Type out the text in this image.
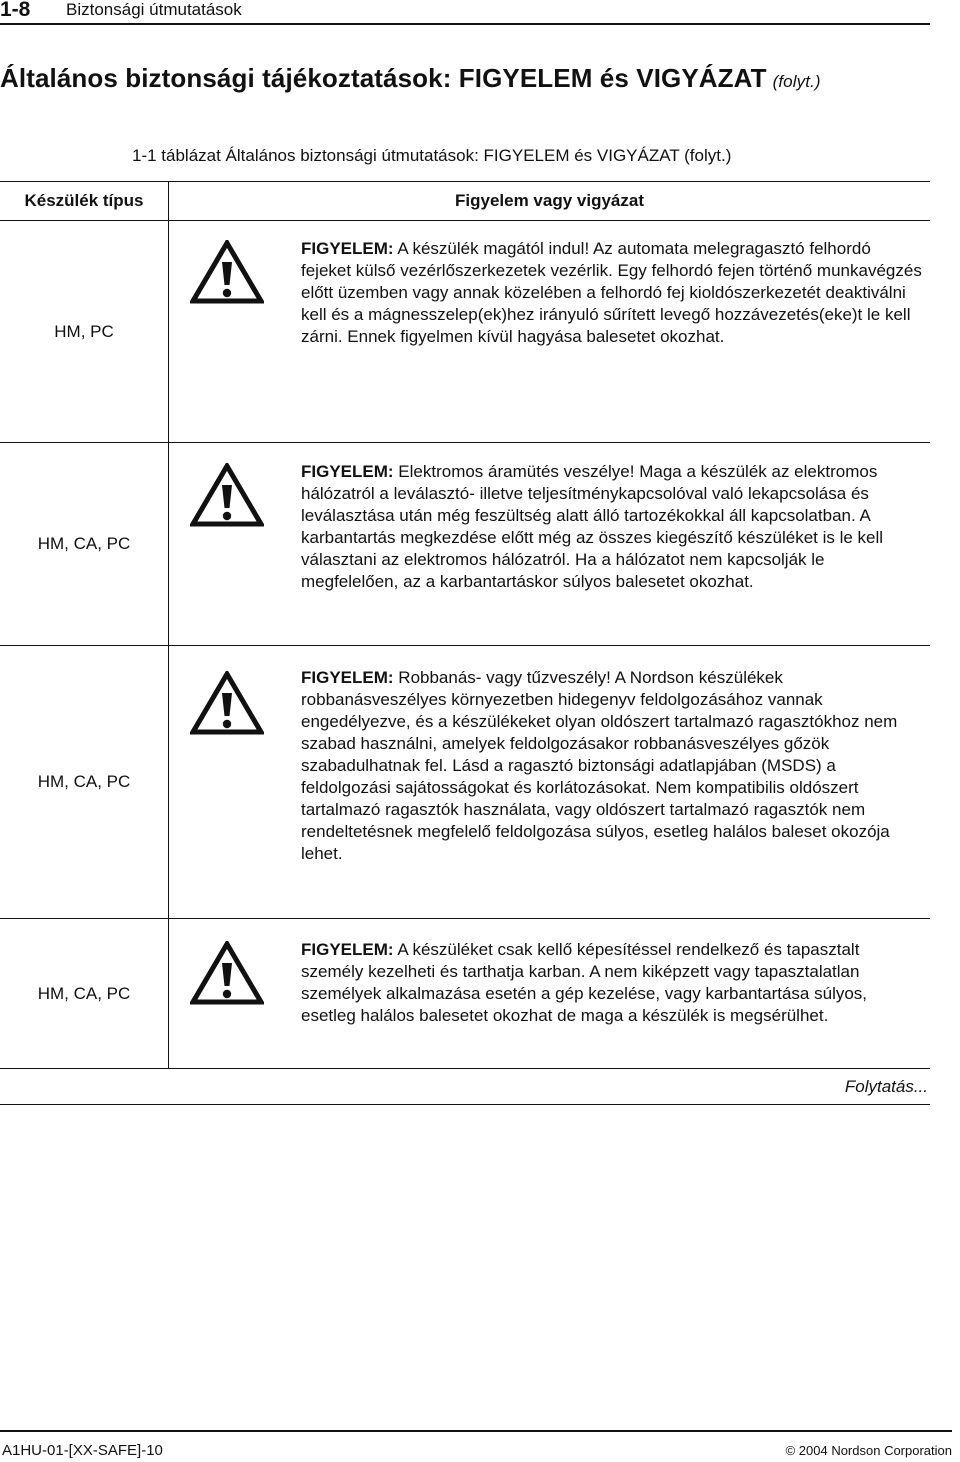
1-8 Biztonsági útmutatások
Általános biztonsági tájékoztatások: FIGYELEM és VIGYÁZAT (folyt.)
1-1 táblázat Általános biztonsági útmutatások: FIGYELEM és VIGYÁZAT (folyt.)
Készülék típus	Figyelem vagy vigyázat	
HM, PC		FIGYELEM: A készülék magától indul! Az automata melegragasztó felhordó fejeket külső vezérlőszerkezetek vezérlik. Egy felhordó fejen történő munkavégzés előtt üzemben vagy annak közelében a felhordó fej kioldószerkezetét deaktiválni kell és a mágnesszelep(ek)hez irányuló sűrített levegő hozzávezetés(eke)t le kell zárni. Ennek figyelmen kívül hagyása balesetet okozhat.
HM, CA, PC		FIGYELEM: Elektromos áramütés veszélye! Maga a készülék az elektromos hálózatról a leválasztó- illetve teljesítménykapcsolóval való lekapcsolása és leválasztása után még feszültség alatt álló tartozékokkal áll kapcsolatban. A karbantartás megkezdése előtt még az összes kiegészítő készüléket is le kell választani az elektromos hálózatról. Ha a hálózatot nem kapcsolják le megfelelően, az a karbantartáskor súlyos balesetet okozhat.
HM, CA, PC		FIGYELEM: Robbanás- vagy tűzveszély! A Nordson készülékek robbanásveszélyes környezetben hidegenyv feldolgozásához vannak engedélyezve, és a készülékeket olyan oldószert tartalmazó ragasztókhoz nem szabad használni, amelyek feldolgozásakor robbanásveszélyes gőzök szabadulhatnak fel. Lásd a ragasztó biztonsági adatlapjában (MSDS) a feldolgozási sajátosságokat és korlátozásokat. Nem kompatibilis oldószert tartalmazó ragasztók használata, vagy oldószert tartalmazó ragasztók nem rendeltetésnek megfelelő feldolgozása súlyos, esetleg halálos baleset okozója lehet.
HM, CA, PC		FIGYELEM: A készüléket csak kellő képesítéssel rendelkező és tapasztalt személy kezelheti és tarthatja karban. A nem kiképzett vagy tapasztalatlan személyek alkalmazása esetén a gép kezelése, vagy karbantartása súlyos, esetleg halálos balesetet okozhat de maga a készülék is megsérülhet.
Folytatás...		
A1HU-01-[XX-SAFE]-10	© 2004 Nordson Corporation
